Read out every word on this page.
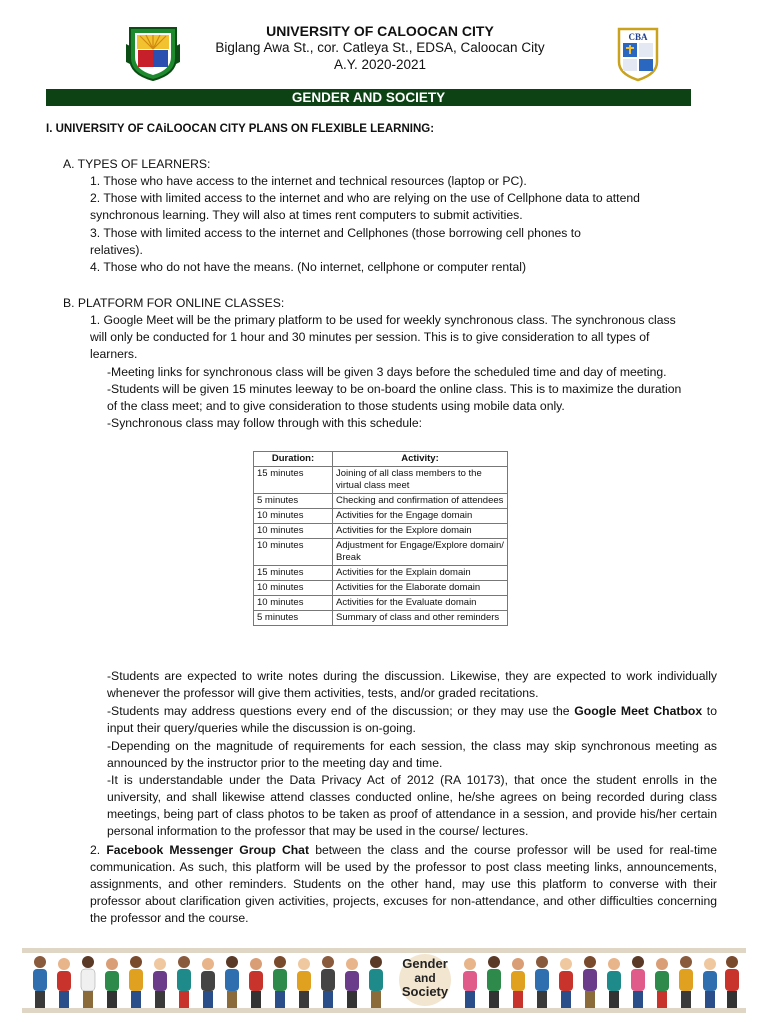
UNIVERSITY OF CALOOCAN CITY
Biglang Awa St., cor. Catleya St., EDSA, Caloocan City
A.Y. 2020-2021
CBA
GENDER AND SOCIETY
I. UNIVERSITY OF CAiLOOCAN CITY PLANS ON FLEXIBLE LEARNING:
A. TYPES OF LEARNERS:
1. Those who have access to the internet and technical resources (laptop or PC).
2. Those with limited access to the internet and who are relying on the use of Cellphone data to attend
synchronous learning. They will also at times rent computers to submit activities.
3. Those with limited access to the internet and Cellphones (those borrowing cell phones to
relatives).
4. Those who do not have the means. (No internet, cellphone or computer rental)
B. PLATFORM FOR ONLINE CLASSES:
1. Google Meet will be the primary platform to be used for weekly synchronous class. The synchronous class
will only be conducted for 1 hour and 30 minutes per session. This is to give consideration to all types of
learners.
-Meeting links for synchronous class will be given 3 days before the scheduled time and day of meeting.
-Students will be given 15 minutes leeway to be on-board the online class. This is to maximize the duration
of the class meet; and to give consideration to those students using mobile data only.
-Synchronous class may follow through with this schedule:
Duration:	Activity:
15 minutes	Joining of all class members to the virtual class meet
5 minutes	Checking and confirmation of attendees
10 minutes	Activities for the Engage domain
10 minutes	Activities for the Explore domain
10 minutes	Adjustment for Engage/Explore domain/ Break
15 minutes	Activities for the Explain domain
10 minutes	Activities for the Elaborate domain
10 minutes	Activities for the Evaluate domain
5 minutes	Summary of class and other reminders
-Students are expected to write notes during the discussion. Likewise, they are expected to work individually whenever the professor will give them activities, tests, and/or graded recitations.
-Students may address questions every end of the discussion; or they may use the Google Meet Chatbox to input their query/queries while the discussion is on-going.
-Depending on the magnitude of requirements for each session, the class may skip synchronous meeting as announced by the instructor prior to the meeting day and time.
-It is understandable under the Data Privacy Act of 2012 (RA 10173), that once the student enrolls in the university, and shall likewise attend classes conducted online, he/she agrees on being recorded during class meetings, being part of class photos to be taken as proof of attendance in a session, and provide his/her certain personal information to the professor that may be used in the course/ lectures.
2. Facebook Messenger Group Chat between the class and the course professor will be used for real-time communication. As such, this platform will be used by the professor to post class meeting links, announcements, assignments, and other reminders. Students on the other hand, may use this platform to converse with their professor about clarification given activities, projects, excuses for non-attendance, and other difficulties concerning the professor and the course.
Gender
and
Society
